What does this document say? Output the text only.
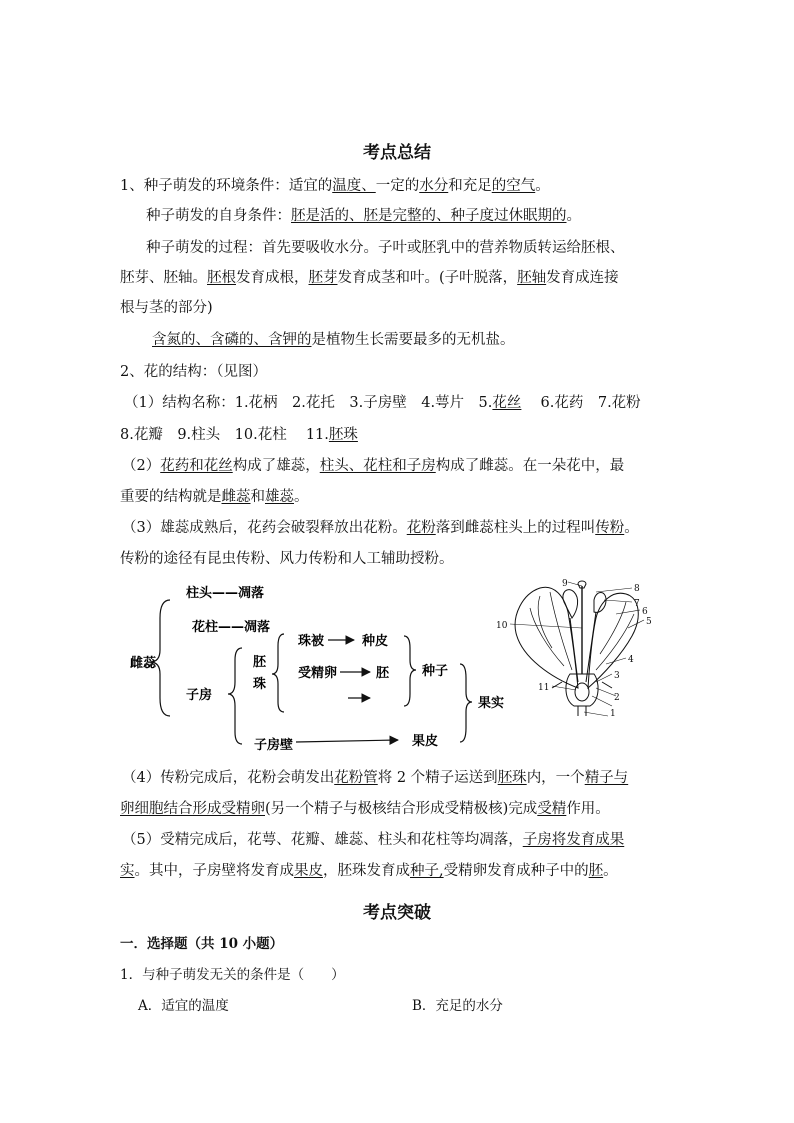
考点总结
1、种子萌发的环境条件：适宜的温度、一定的水分和充足的空气。
种子萌发的自身条件：胚是活的、胚是完整的、种子度过休眠期的。
种子萌发的过程：首先要吸收水分。子叶或胚乳中的营养物质转运给胚根、
胚芽、胚轴。胚根发育成根，胚芽发育成茎和叶。(子叶脱落，胚轴发育成连接
根与茎的部分)
含氮的、含磷的、含钾的是植物生长需要最多的无机盐。
2、花的结构：（见图）
（1）结构名称：1.花柄　2.花托　3.子房壁　4.萼片　5.花丝　 6.花药　7.花粉
8.花瓣　9.柱头　10.花柱　 11.胚珠
（2）花药和花丝构成了雄蕊，柱头、花柱和子房构成了雌蕊。在一朵花中，最
重要的结构就是雌蕊和雄蕊。
（3）雄蕊成熟后，花药会破裂释放出花粉。花粉落到雌蕊柱头上的过程叫传粉。
传粉的途径有昆虫传粉、风力传粉和人工辅助授粉。
雌蕊
柱头——凋落
花柱——凋落
子房
胚
珠
珠被	种皮
受精卵	胚	种子
果实
子房壁	果皮
9	8
7
6
5
10
4
3
2
11
1
（4）传粉完成后，花粉会萌发出花粉管将 2 个精子运送到胚珠内，一个精子与
卵细胞结合形成受精卵(另一个精子与极核结合形成受精极核)完成受精作用。
（5）受精完成后，花萼、花瓣、雄蕊、柱头和花柱等均凋落，子房将发育成果
实。其中，子房壁将发育成果皮，胚珠发育成种子,受精卵发育成种子中的胚。
考点突破
一．选择题（共 10 小题）
1．与种子萌发无关的条件是（　　）
A．适宜的温度	B．充足的水分
